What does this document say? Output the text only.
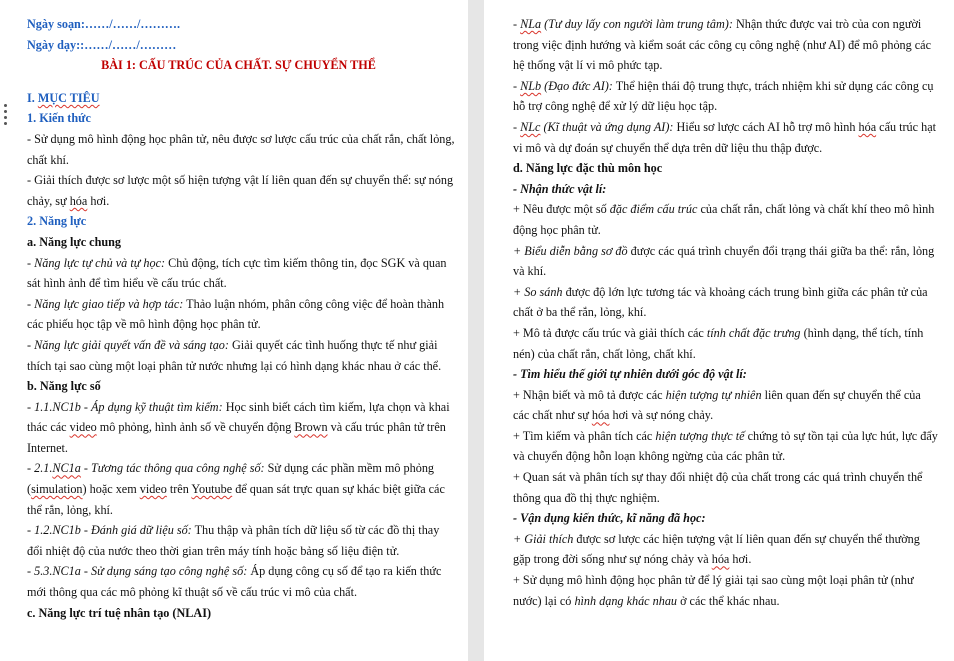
Ngày soạn:……/……/……….
Ngày dạy::……/……/………
BÀI 1: CẤU TRÚC CỦA CHẤT. SỰ CHUYỂN THỂ
I. MỤC TIÊU
1. Kiến thức
- Sử dụng mô hình động học phân tử, nêu được sơ lược cấu trúc của chất rắn, chất lỏng,
chất khí.
- Giải thích được sơ lược một số hiện tượng vật lí liên quan đến sự chuyển thể: sự nóng
chảy, sự hóa hơi.
2. Năng lực
a. Năng lực chung
- Năng lực tự chủ và tự học: Chủ động, tích cực tìm kiếm thông tin, đọc SGK và quan
sát hình ảnh để tìm hiểu về cấu trúc chất.
- Năng lực giao tiếp và hợp tác: Thảo luận nhóm, phân công công việc để hoàn thành
các phiếu học tập về mô hình động học phân tử.
- Năng lực giải quyết vấn đề và sáng tạo: Giải quyết các tình huống thực tế như giải
thích tại sao cùng một loại phân tử nước nhưng lại có hình dạng khác nhau ở các thể.
b. Năng lực số
- 1.1.NC1b - Áp dụng kỹ thuật tìm kiếm: Học sinh biết cách tìm kiếm, lựa chọn và khai
thác các video mô phỏng, hình ảnh số về chuyển động Brown và cấu trúc phân tử trên
Internet.
- 2.1.NC1a - Tương tác thông qua công nghệ số: Sử dụng các phần mềm mô phỏng
(simulation) hoặc xem video trên Youtube để quan sát trực quan sự khác biệt giữa các
thể rắn, lỏng, khí.
- 1.2.NC1b - Đánh giá dữ liệu số: Thu thập và phân tích dữ liệu số từ các đồ thị thay
đổi nhiệt độ của nước theo thời gian trên máy tính hoặc bảng số liệu điện tử.
- 5.3.NC1a - Sử dụng sáng tạo công nghệ số: Áp dụng công cụ số để tạo ra kiến thức
mới thông qua các mô phỏng kĩ thuật số về cấu trúc vi mô của chất.
c. Năng lực trí tuệ nhân tạo (NLAI)
- NLa (Tư duy lấy con người làm trung tâm): Nhận thức được vai trò của con người
trong việc định hướng và kiểm soát các công cụ công nghệ (như AI) để mô phỏng các
hệ thống vật lí vi mô phức tạp.
- NLb (Đạo đức AI): Thể hiện thái độ trung thực, trách nhiệm khi sử dụng các công cụ
hỗ trợ công nghệ để xử lý dữ liệu học tập.
- NLc (Kĩ thuật và ứng dụng AI): Hiểu sơ lược cách AI hỗ trợ mô hình hóa cấu trúc hạt
vi mô và dự đoán sự chuyển thể dựa trên dữ liệu thu thập được.
d. Năng lực đặc thù môn học
- Nhận thức vật lí:
+ Nêu được một số đặc điểm cấu trúc của chất rắn, chất lỏng và chất khí theo mô hình
động học phân tử.
+ Biểu diễn bằng sơ đồ được các quá trình chuyển đổi trạng thái giữa ba thể: rắn, lỏng
và khí.
+ So sánh được độ lớn lực tương tác và khoảng cách trung bình giữa các phân tử của
chất ở ba thể rắn, lỏng, khí.
+ Mô tả được cấu trúc và giải thích các tính chất đặc trưng (hình dạng, thể tích, tính
nén) của chất rắn, chất lỏng, chất khí.
- Tìm hiểu thế giới tự nhiên dưới góc độ vật lí:
+ Nhận biết và mô tả được các hiện tượng tự nhiên liên quan đến sự chuyển thể của
các chất như sự hóa hơi và sự nóng chảy.
+ Tìm kiếm và phân tích các hiện tượng thực tế chứng tỏ sự tồn tại của lực hút, lực đẩy
và chuyển động hỗn loạn không ngừng của các phân tử.
+ Quan sát và phân tích sự thay đổi nhiệt độ của chất trong các quá trình chuyển thể
thông qua đồ thị thực nghiệm.
- Vận dụng kiến thức, kĩ năng đã học:
+ Giải thích được sơ lược các hiện tượng vật lí liên quan đến sự chuyển thể thường
gặp trong đời sống như sự nóng chảy và hóa hơi.
+ Sử dụng mô hình động học phân tử để lý giải tại sao cùng một loại phân tử (như
nước) lại có hình dạng khác nhau ở các thể khác nhau.
